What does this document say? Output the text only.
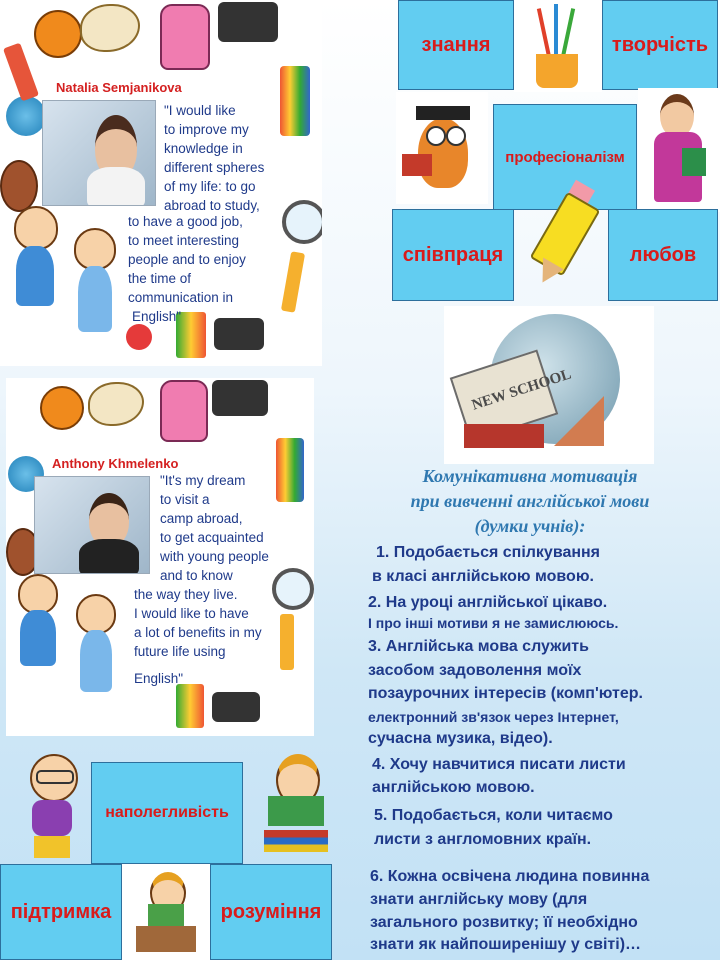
Natalia Semjanikova
"I would like
to improve my
knowledge in
different spheres
of my life: to go
abroad to study,
to have a good job,
to meet interesting
people and to enjoy
the time of
communication in
English"
Anthony Khmelenko
"It's my dream
to visit a
camp abroad,
to get acquainted
with young people
and to know
the way they live.
I would like to have
a lot of benefits in my
future life using
English"
знання	творчість
професіоналізм
співпраця	любов
NEW SCHOOL
Комунікативна мотивація
при вивченні англійської мови
(думки учнів):
1. Подобається спілкування
в класі англійською мовою.
2. На уроці англійської цікаво.
І про інші мотиви я не замислююсь.
3. Англійська мова служить
засобом задоволення моїх
позаурочних інтересів (комп'ютер.
електронний зв'язок через Інтернет,
сучасна музика, відео).
4. Хочу навчитися писати листи
англійською мовою.
5. Подобається, коли читаємо
листи з англомовних країн.
6. Кожна освічена людина повинна
знати англійську мову (для
загального розвитку; її необхідно
знати як найпоширенішу у світі)…
наполегливість
підтримка	розуміння
